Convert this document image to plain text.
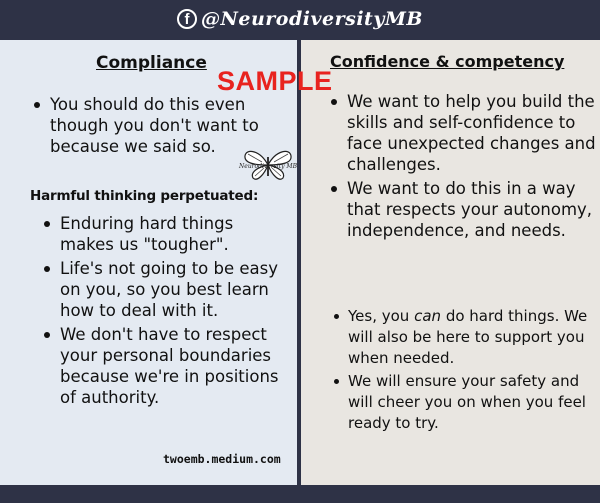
f @NeurodiversityMB
Compliance
You should do this even though you don't want to because we said so.
Harmful thinking perpetuated:
Enduring hard things makes us "tougher".
Life's not going to be easy on you, so you best learn how to deal with it.
We don't have to respect your personal boundaries because we're in positions of authority.
Neurodiversity MB
twoemb.medium.com
Confidence & competency
We want to help you build the skills and self-confidence to face unexpected changes and challenges.
We want to do this in a way that respects your autonomy, independence, and needs.
Yes, you can do hard things. We will also be here to support you when needed.
We will ensure your safety and will cheer you on when you feel ready to try.
SAMPLE
